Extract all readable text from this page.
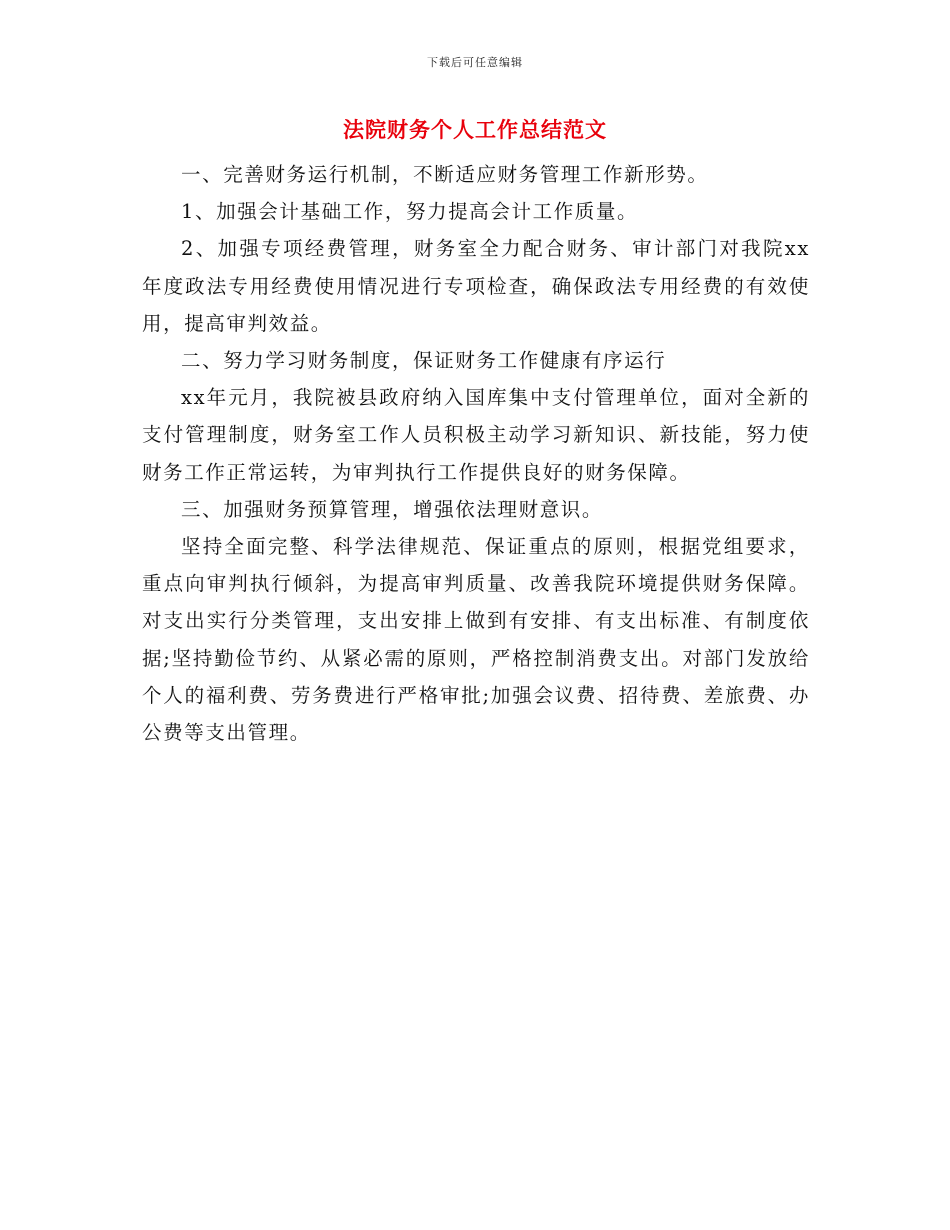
下载后可任意编辑
法院财务个人工作总结范文

一、完善财务运行机制，不断适应财务管理工作新形势。

1、加强会计基础工作，努力提高会计工作质量。

2、加强专项经费管理，财务室全力配合财务、审计部门对我院xx年度政法专用经费使用情况进行专项检查，确保政法专用经费的有效使用，提高审判效益。

二、努力学习财务制度，保证财务工作健康有序运行

xx年元月，我院被县政府纳入国库集中支付管理单位，面对全新的支付管理制度，财务室工作人员积极主动学习新知识、新技能，努力使财务工作正常运转，为审判执行工作提供良好的财务保障。

三、加强财务预算管理，增强依法理财意识。

坚持全面完整、科学法律规范、保证重点的原则，根据党组要求，重点向审判执行倾斜，为提高审判质量、改善我院环境提供财务保障。对支出实行分类管理，支出安排上做到有安排、有支出标准、有制度依据;坚持勤俭节约、从紧必需的原则，严格控制消费支出。对部门发放给个人的福利费、劳务费进行严格审批;加强会议费、招待费、差旅费、办公费等支出管理。
